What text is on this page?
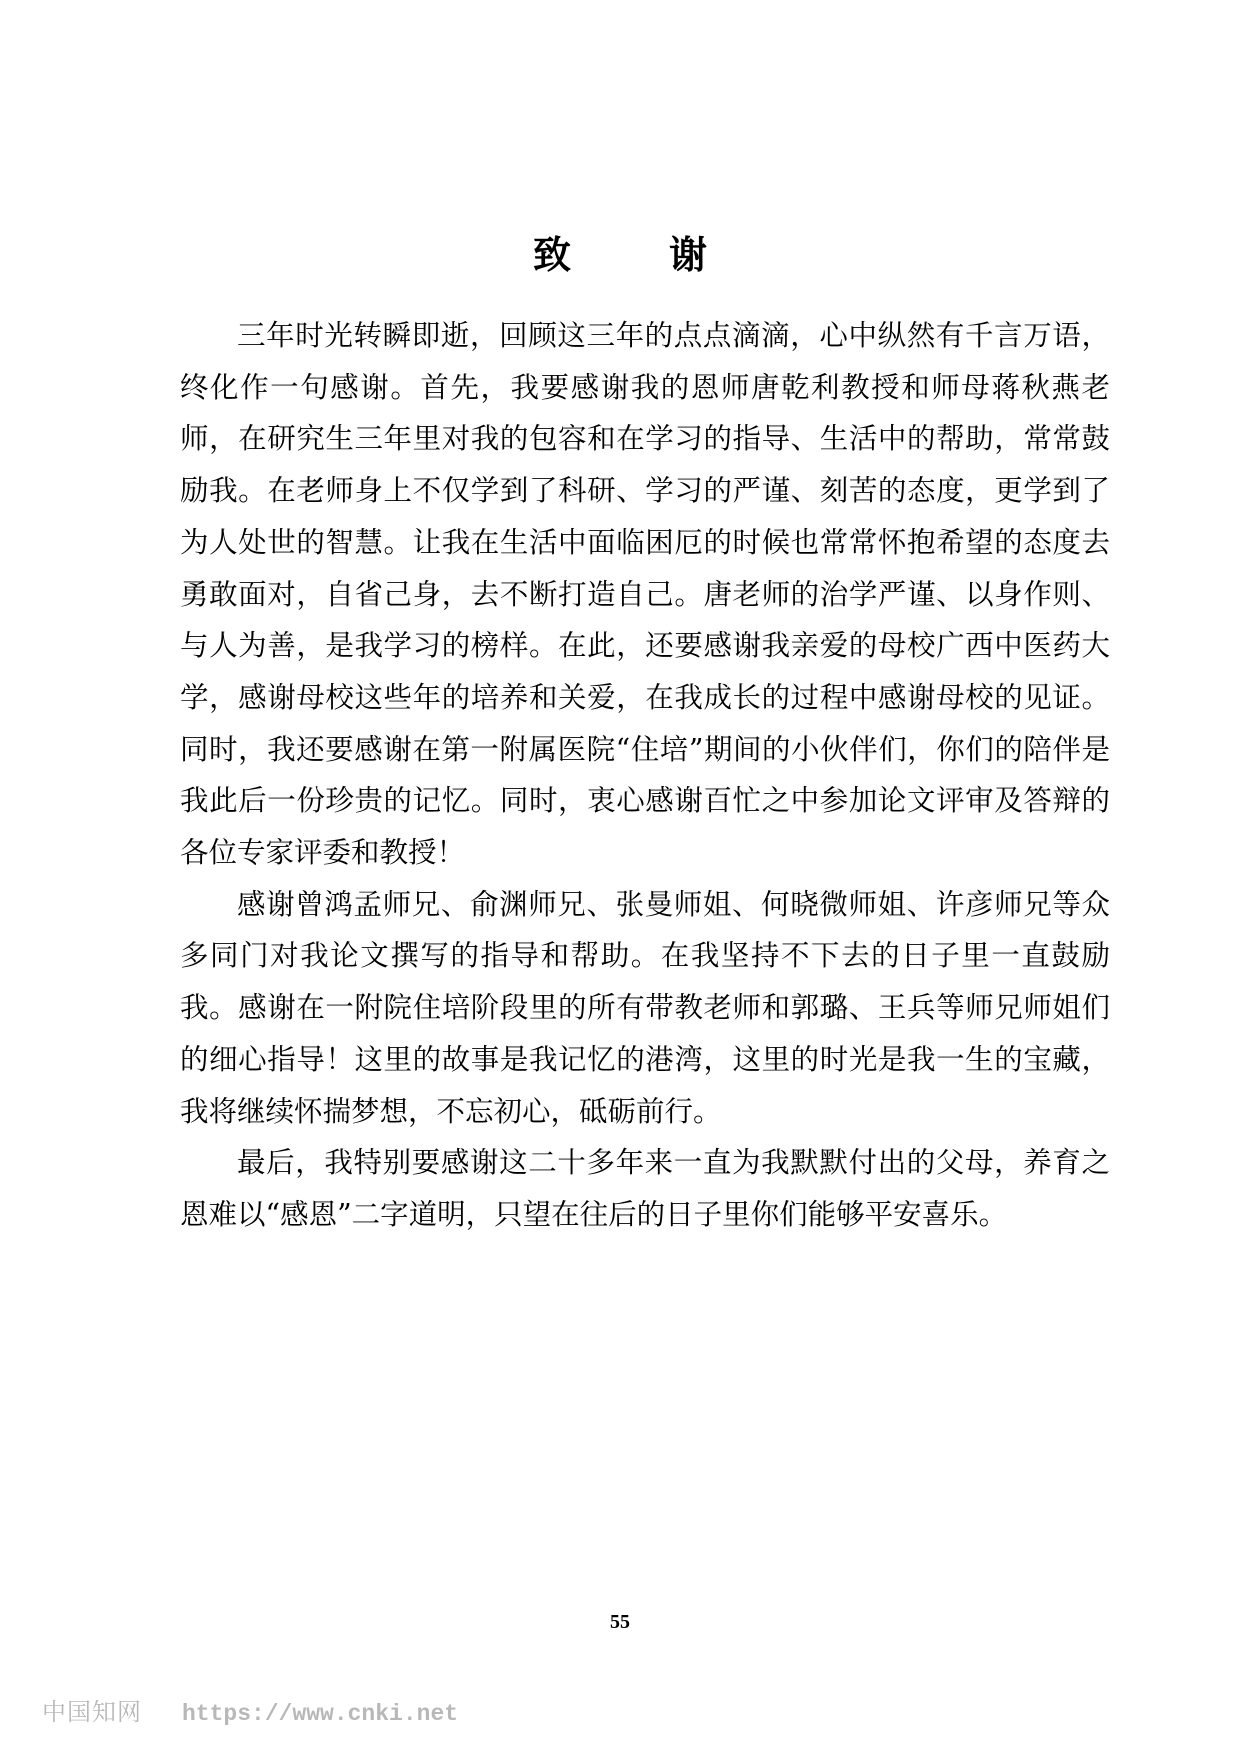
致　谢

三年时光转瞬即逝，回顾这三年的点点滴滴，心中纵然有千言万语，终化作一句感谢。首先，我要感谢我的恩师唐乾利教授和师母蒋秋燕老师，在研究生三年里对我的包容和在学习的指导、生活中的帮助，常常鼓励我。在老师身上不仅学到了科研、学习的严谨、刻苦的态度，更学到了为人处世的智慧。让我在生活中面临困厄的时候也常常怀抱希望的态度去勇敢面对，自省己身，去不断打造自己。唐老师的治学严谨、以身作则、与人为善，是我学习的榜样。在此，还要感谢我亲爱的母校广西中医药大学，感谢母校这些年的培养和关爱，在我成长的过程中感谢母校的见证。同时，我还要感谢在第一附属医院“住培”期间的小伙伴们，你们的陪伴是我此后一份珍贵的记忆。同时，衷心感谢百忙之中参加论文评审及答辩的各位专家评委和教授！

感谢曾鸿孟师兄、俞渊师兄、张曼师姐、何晓微师姐、许彦师兄等众多同门对我论文撰写的指导和帮助。在我坚持不下去的日子里一直鼓励我。感谢在一附院住培阶段里的所有带教老师和郭璐、王兵等师兄师姐们的细心指导！这里的故事是我记忆的港湾，这里的时光是我一生的宝藏，我将继续怀揣梦想，不忘初心，砥砺前行。

最后，我特别要感谢这二十多年来一直为我默默付出的父母，养育之恩难以“感恩”二字道明，只望在往后的日子里你们能够平安喜乐。

55
中国知网 https://www.cnki.net
